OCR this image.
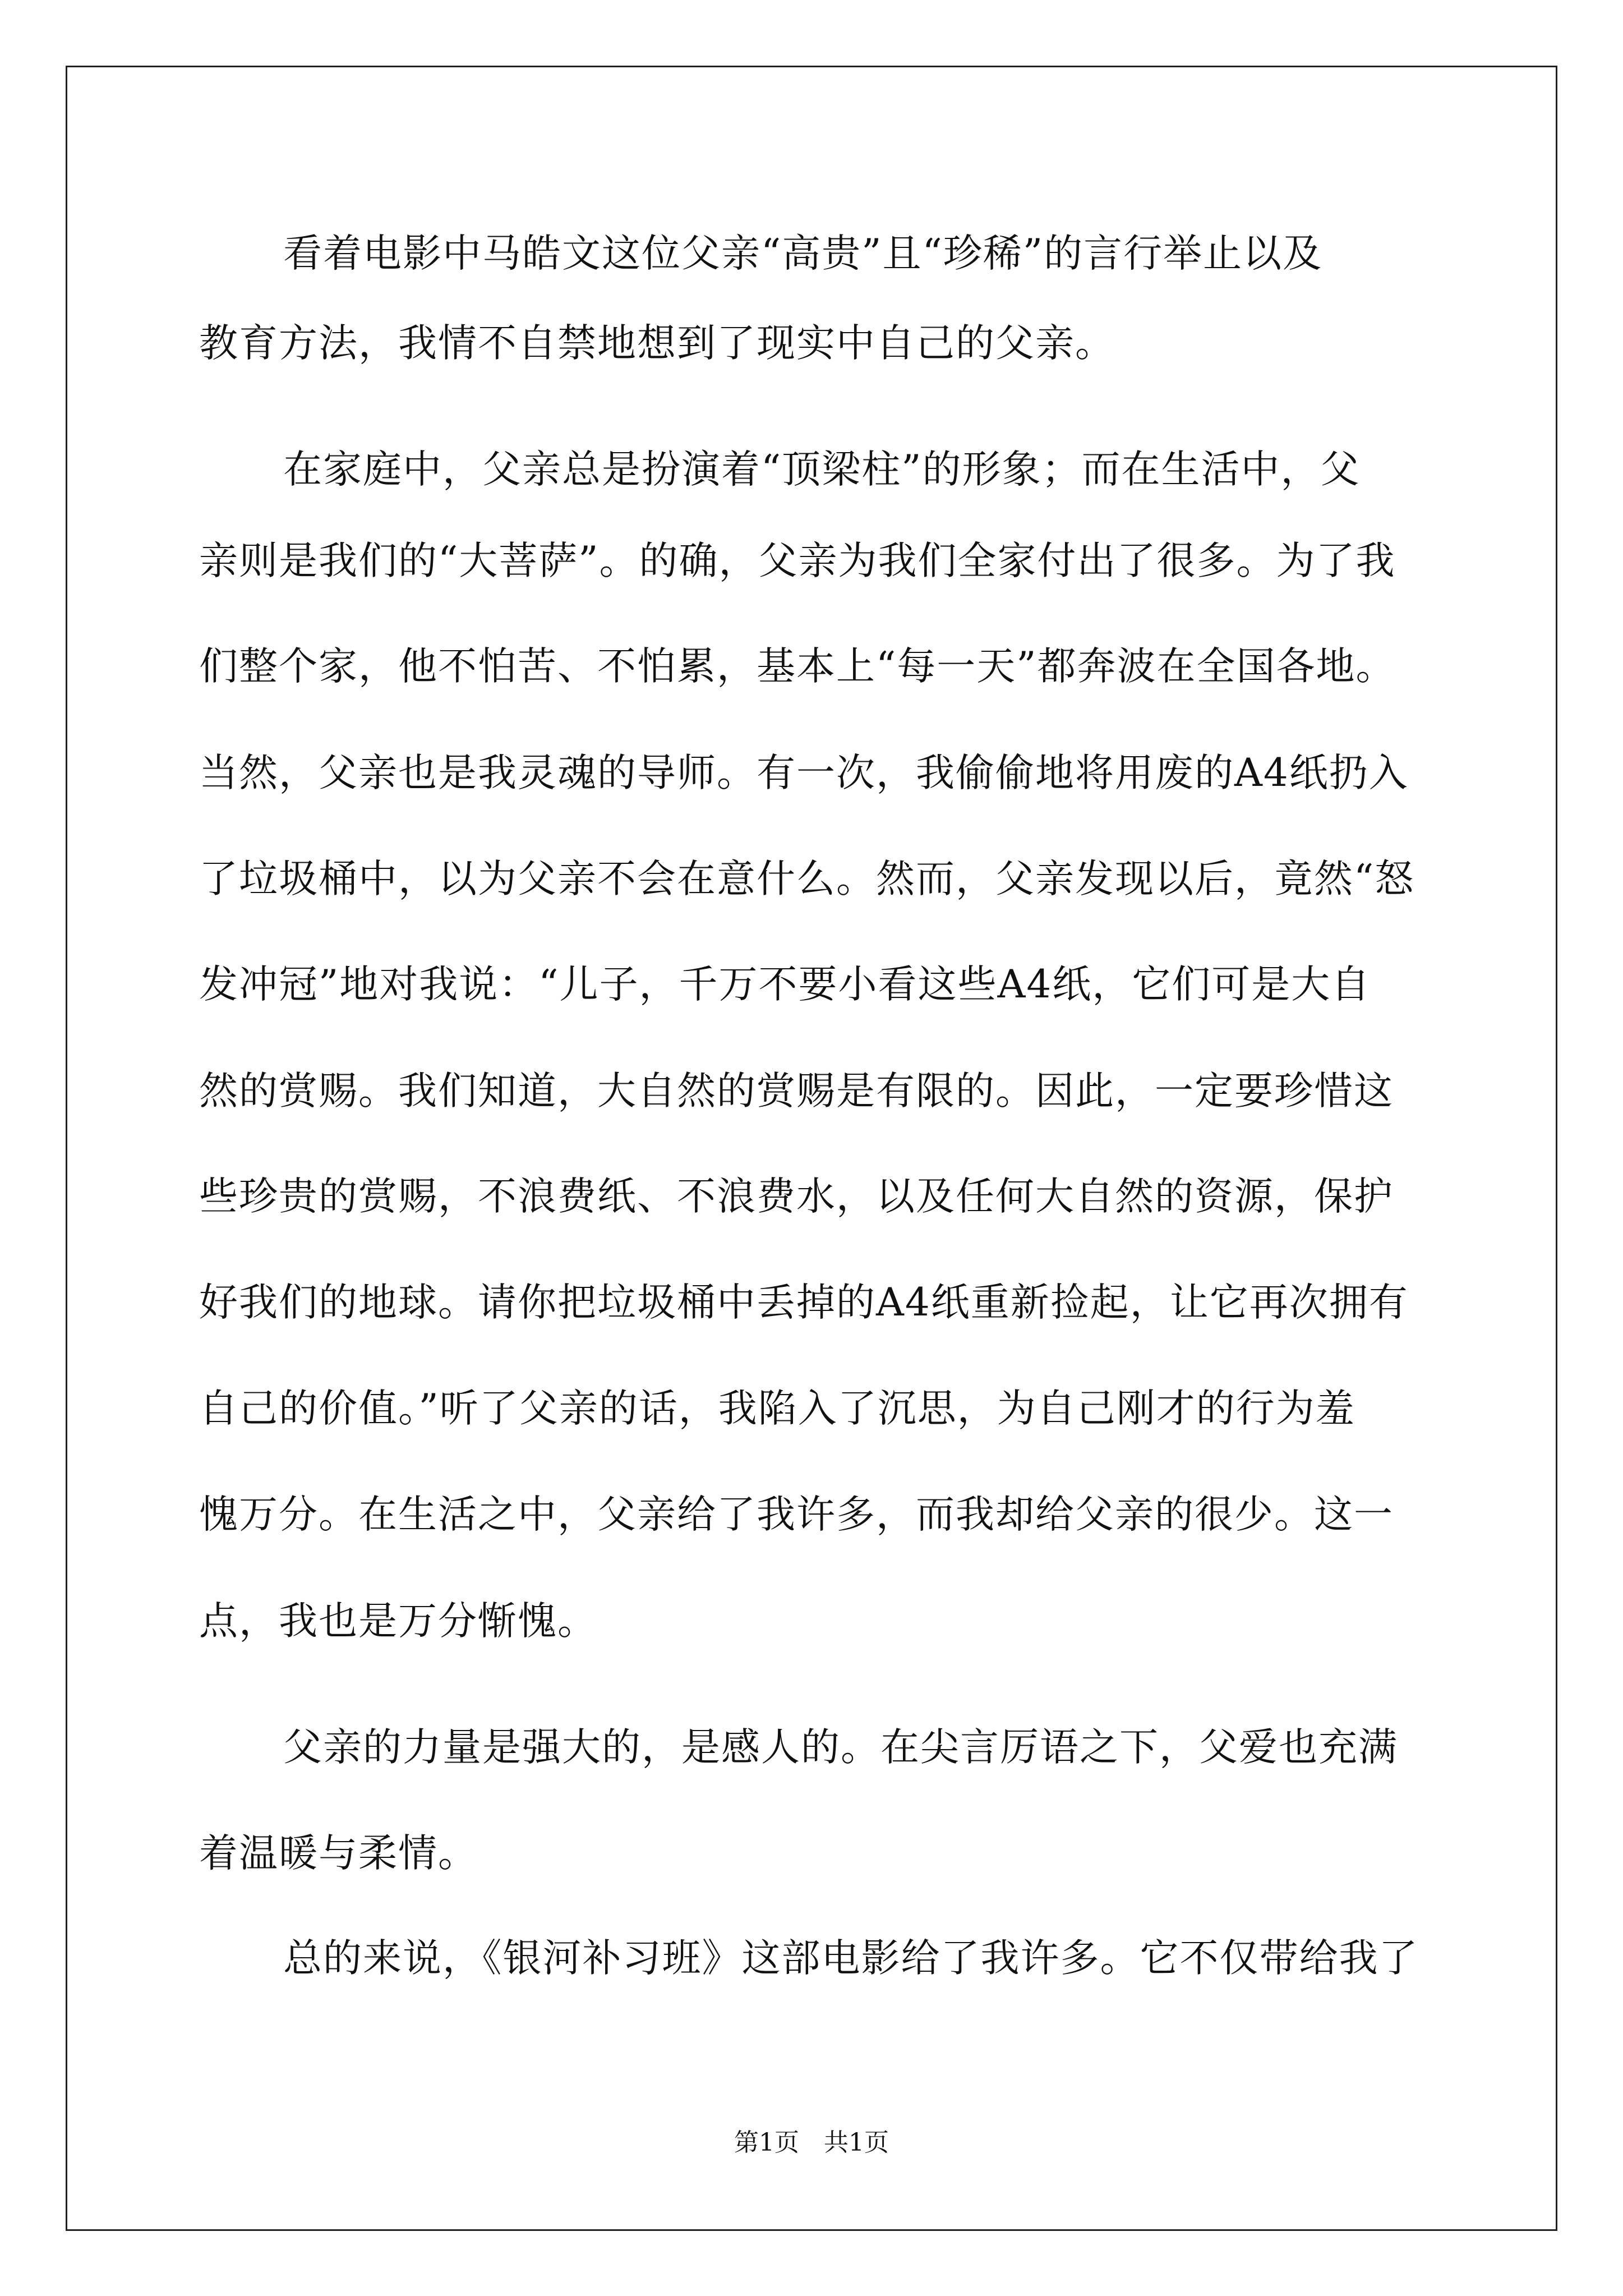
看着电影中马皓文这位父亲“高贵”且“珍稀”的言行举止以及
教育方法，我情不自禁地想到了现实中自己的父亲。
在家庭中，父亲总是扮演着“顶梁柱”的形象；而在生活中，父
亲则是我们的“大菩萨”。的确，父亲为我们全家付出了很多。为了我
们整个家，他不怕苦、不怕累，基本上“每一天”都奔波在全国各地。
当然，父亲也是我灵魂的导师。有一次，我偷偷地将用废的A4纸扔入
了垃圾桶中，以为父亲不会在意什么。然而，父亲发现以后，竟然“怒
发冲冠”地对我说：“儿子，千万不要小看这些A4纸，它们可是大自
然的赏赐。我们知道，大自然的赏赐是有限的。因此，一定要珍惜这
些珍贵的赏赐，不浪费纸、不浪费水，以及任何大自然的资源，保护
好我们的地球。请你把垃圾桶中丢掉的A4纸重新捡起，让它再次拥有
自己的价值。”听了父亲的话，我陷入了沉思，为自己刚才的行为羞
愧万分。在生活之中，父亲给了我许多，而我却给父亲的很少。这一
点，我也是万分惭愧。
父亲的力量是强大的，是感人的。在尖言厉语之下，父爱也充满
着温暖与柔情。
总的来说，《银河补习班》这部电影给了我许多。它不仅带给我了
第1页　共1页
